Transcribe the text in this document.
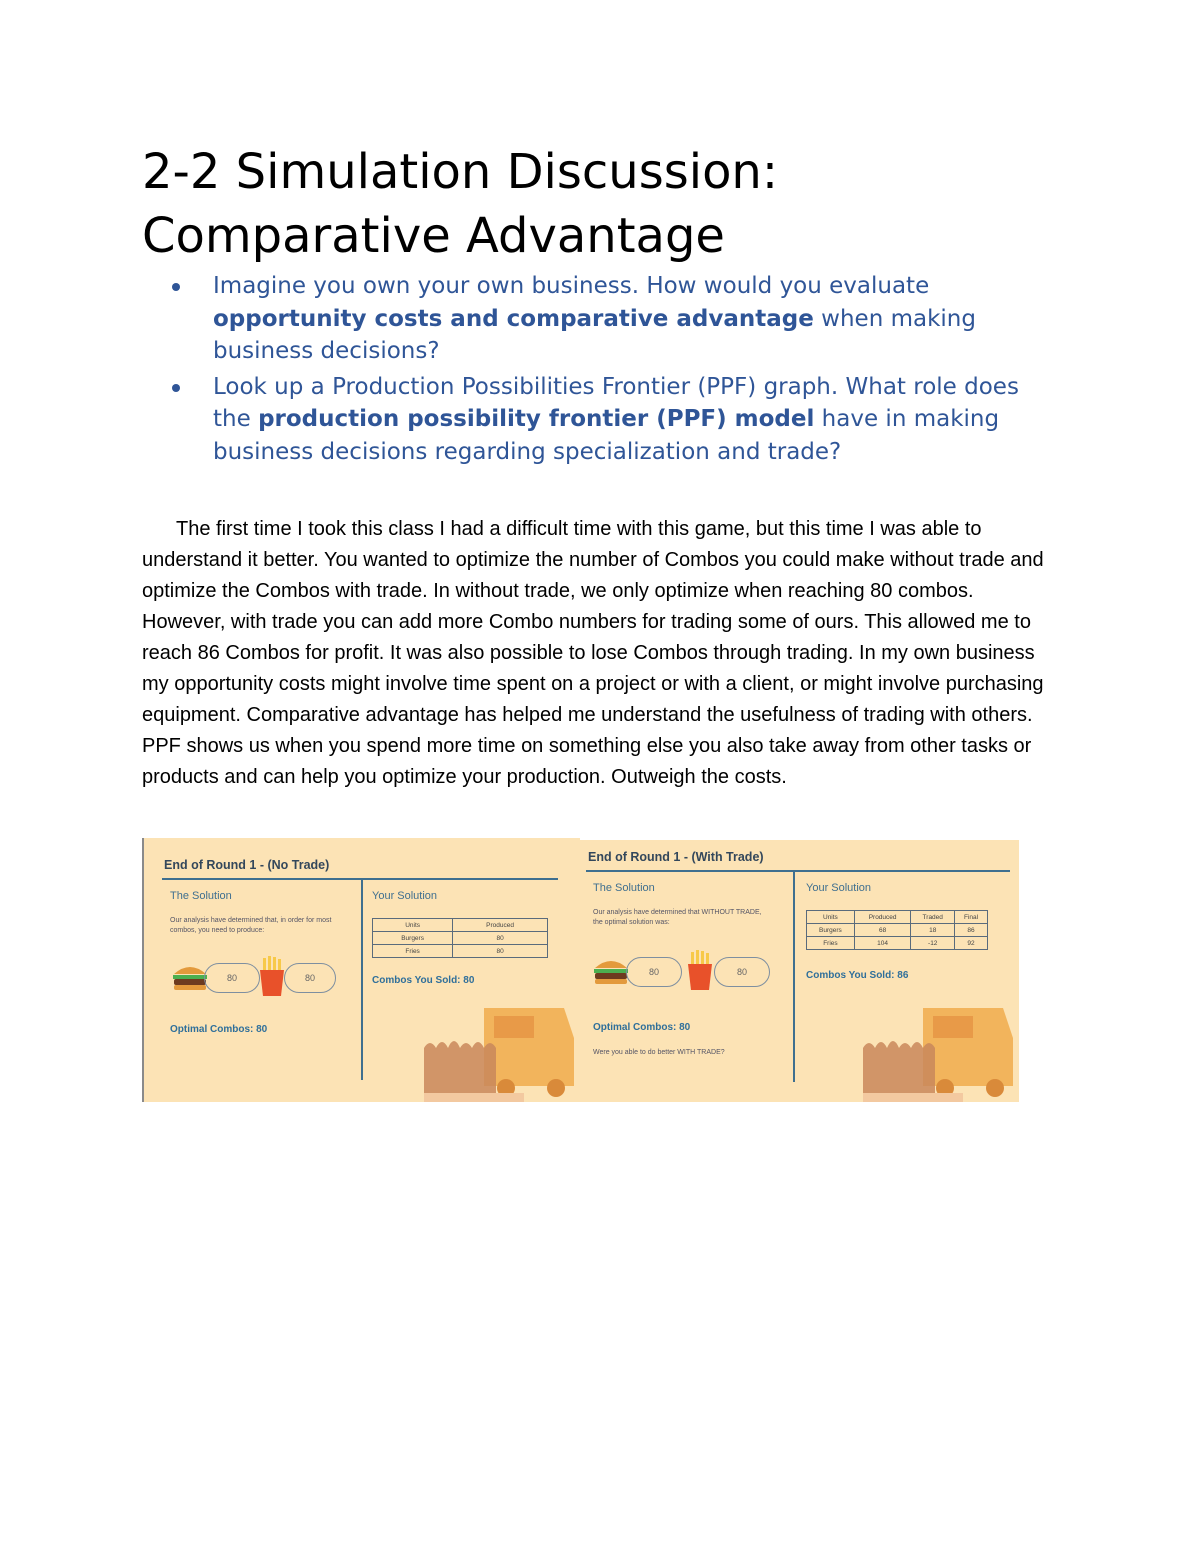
2-2 Simulation Discussion:
Comparative Advantage
Imagine you own your own business. How would you evaluate opportunity costs and comparative advantage when making business decisions?
Look up a Production Possibilities Frontier (PPF) graph. What role does the production possibility frontier (PPF) model have in making business decisions regarding specialization and trade?

The first time I took this class I had a difficult time with this game, but this time I was able to understand it better. You wanted to optimize the number of Combos you could make without trade and optimize the Combos with trade. In without trade, we only optimize when reaching 80 combos. However, with trade you can add more Combo numbers for trading some of ours. This allowed me to reach 86 Combos for profit. It was also possible to lose Combos through trading. In my own business my opportunity costs might involve time spent on a project or with a client, or might involve purchasing equipment. Comparative advantage has helped me understand the usefulness of trading with others. PPF shows us when you spend more time on something else you also take away from other tasks or products and can help you optimize your production. Outweigh the costs.

End of Round 1 - (No Trade)
The Solution
Our analysis have determined that, in order for most combos, you need to produce:
80	80
Optimal Combos: 80
Your Solution
Units	Produced
Burgers	80
Fries	80
Combos You Sold: 80
End of Round 1 - (With Trade)
The Solution
Our analysis have determined that WITHOUT TRADE, the optimal solution was:
80	80
Optimal Combos: 80
Were you able to do better WITH TRADE?
Your Solution
Units	Produced	Traded	Final
Burgers	68	18	86
Fries	104	-12	92
Combos You Sold: 86
